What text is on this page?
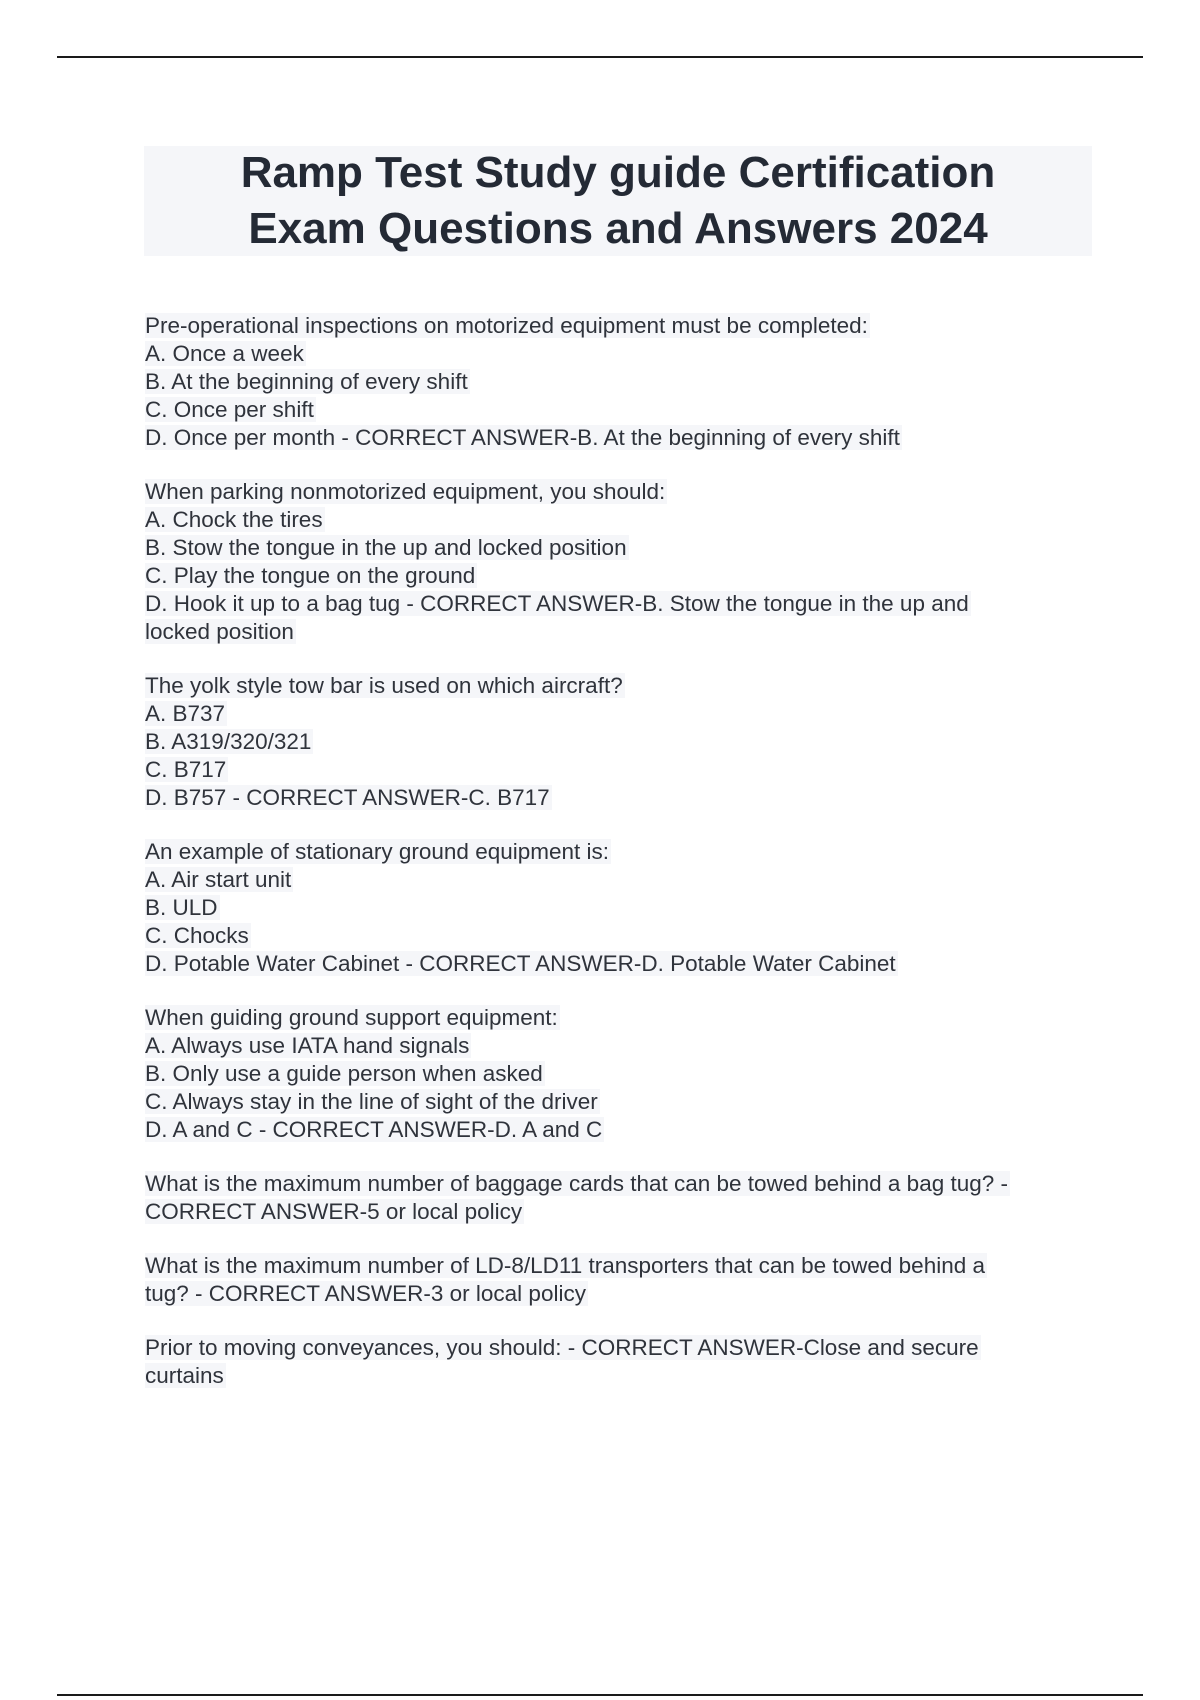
Ramp Test Study guide Certification
Exam Questions and Answers 2024
Pre-operational inspections on motorized equipment must be completed:
A. Once a week
B. At the beginning of every shift
C. Once per shift
D. Once per month - CORRECT ANSWER-B. At the beginning of every shift
When parking nonmotorized equipment, you should:
A. Chock the tires
B. Stow the tongue in the up and locked position
C. Play the tongue on the ground
D. Hook it up to a bag tug - CORRECT ANSWER-B. Stow the tongue in the up and
locked position
The yolk style tow bar is used on which aircraft?
A. B737
B. A319/320/321
C. B717
D. B757 - CORRECT ANSWER-C. B717
An example of stationary ground equipment is:
A. Air start unit
B. ULD
C. Chocks
D. Potable Water Cabinet - CORRECT ANSWER-D. Potable Water Cabinet
When guiding ground support equipment:
A. Always use IATA hand signals
B. Only use a guide person when asked
C. Always stay in the line of sight of the driver
D. A and C - CORRECT ANSWER-D. A and C
What is the maximum number of baggage cards that can be towed behind a bag tug? -
CORRECT ANSWER-5 or local policy
What is the maximum number of LD-8/LD11 transporters that can be towed behind a
tug? - CORRECT ANSWER-3 or local policy
Prior to moving conveyances, you should: - CORRECT ANSWER-Close and secure
curtains
